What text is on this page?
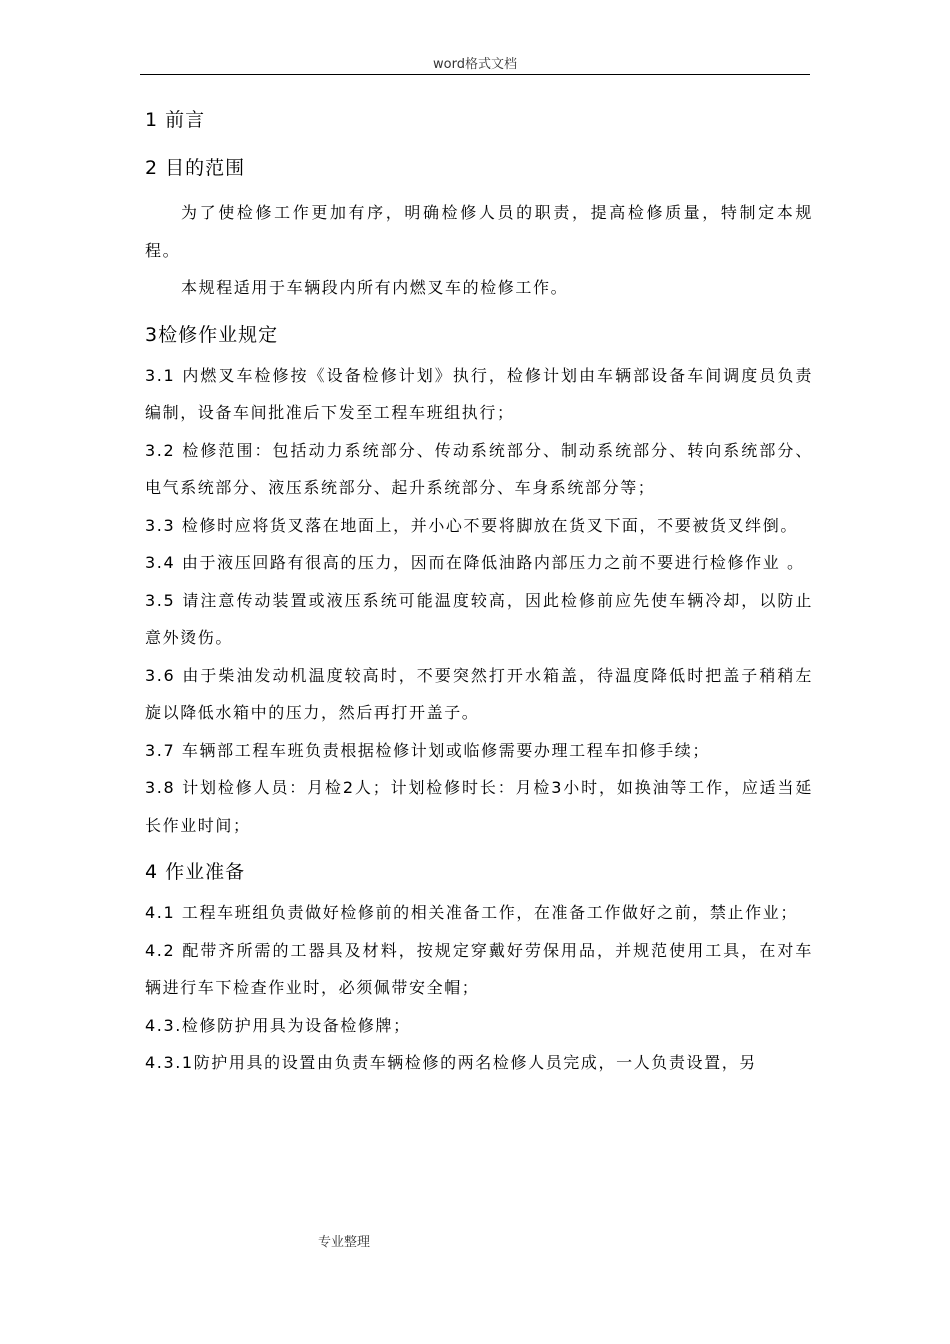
word格式文档
1 前言
2 目的范围

为了使检修工作更加有序，明确检修人员的职责，提高检修质量，特制定本规程。

本规程适用于车辆段内所有内燃叉车的检修工作。

3检修作业规定

3.1 内燃叉车检修按《设备检修计划》执行，检修计划由车辆部设备车间调度员负责编制，设备车间批准后下发至工程车班组执行；

3.2 检修范围：包括动力系统部分、传动系统部分、制动系统部分、转向系统部分、电气系统部分、液压系统部分、起升系统部分、车身系统部分等；

3.3 检修时应将货叉落在地面上，并小心不要将脚放在货叉下面，不要被货叉绊倒。

3.4 由于液压回路有很高的压力，因而在降低油路内部压力之前不要进行检修作业 。

3.5 请注意传动装置或液压系统可能温度较高，因此检修前应先使车辆冷却，以防止意外烫伤。

3.6 由于柴油发动机温度较高时，不要突然打开水箱盖，待温度降低时把盖子稍稍左旋以降低水箱中的压力，然后再打开盖子。

3.7 车辆部工程车班负责根据检修计划或临修需要办理工程车扣修手续；

3.8 计划检修人员：月检2人；计划检修时长：月检3小时，如换油等工作，应适当延长作业时间；

4 作业准备

4.1 工程车班组负责做好检修前的相关准备工作，在准备工作做好之前，禁止作业；

4.2 配带齐所需的工器具及材料，按规定穿戴好劳保用品，并规范使用工具，在对车辆进行车下检查作业时，必须佩带安全帽；

4.3.检修防护用具为设备检修牌；

4.3.1防护用具的设置由负责车辆检修的两名检修人员完成，一人负责设置，另

专业整理
